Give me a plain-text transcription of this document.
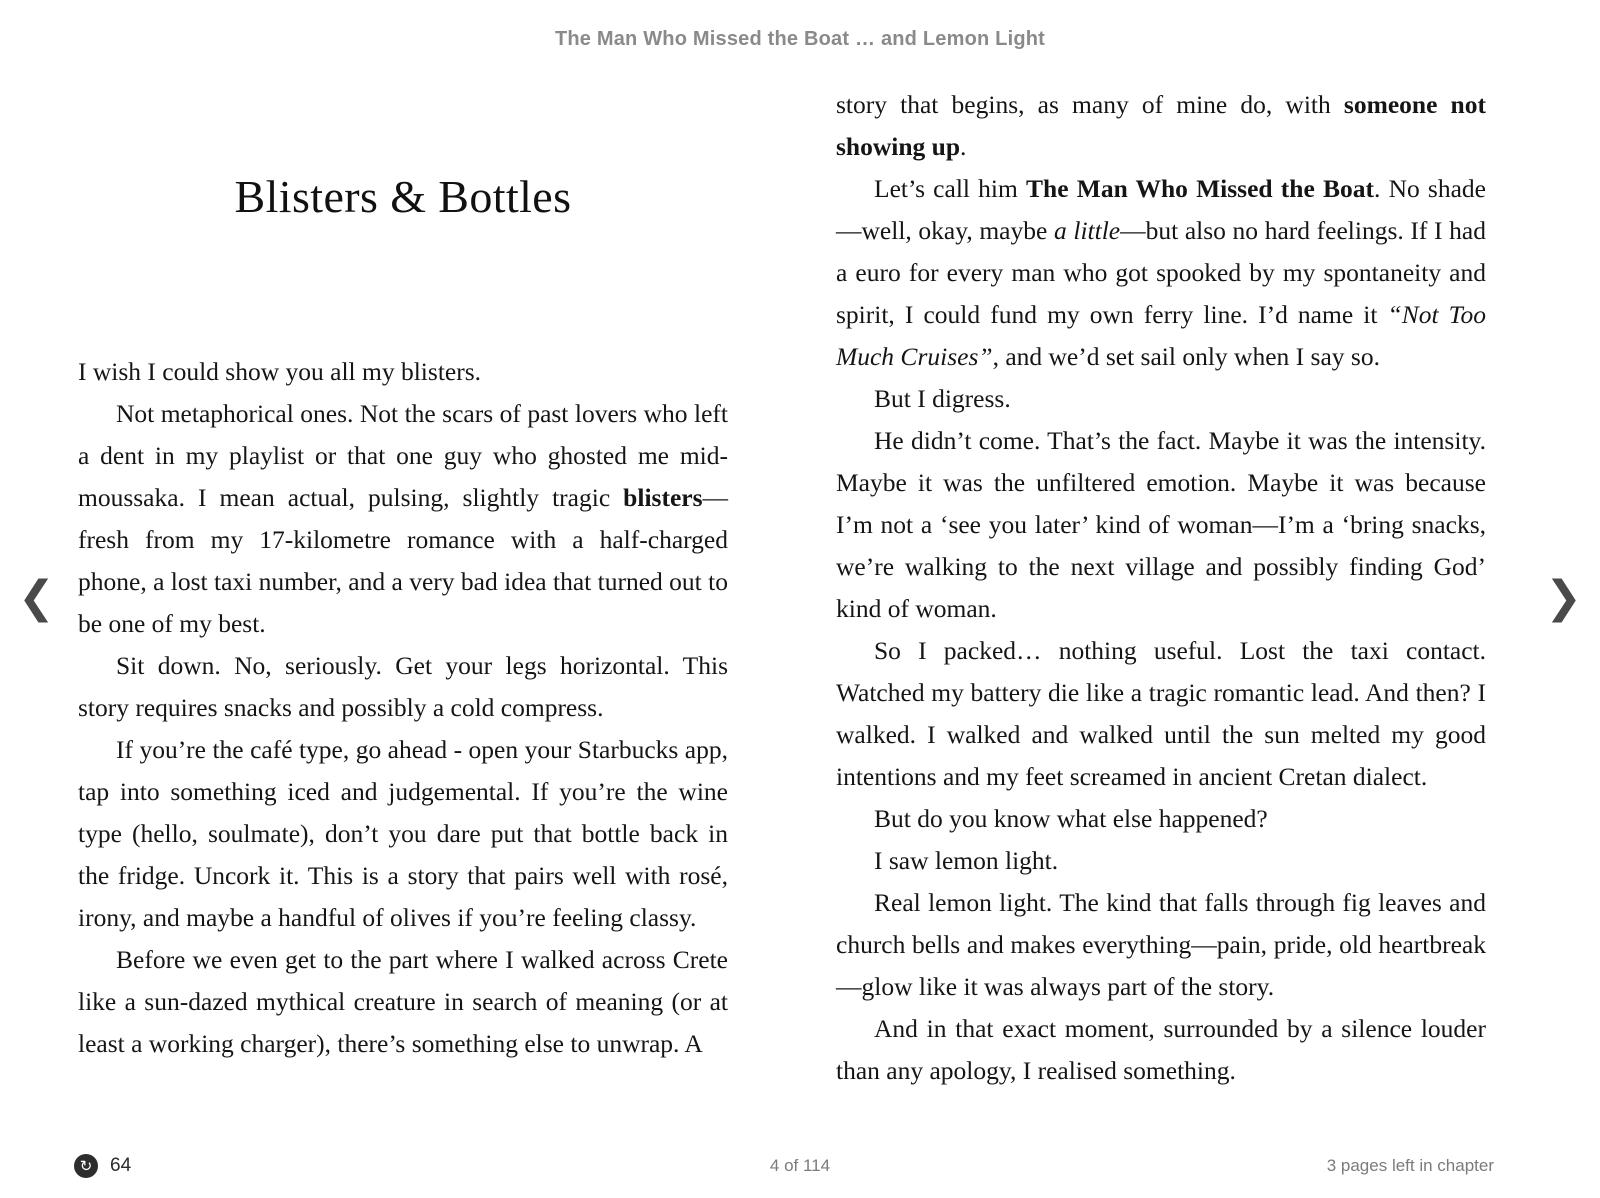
The Man Who Missed the Boat … and Lemon Light
Blisters & Bottles

I wish I could show you all my blisters.

Not metaphorical ones. Not the scars of past lovers who left a dent in my playlist or that one guy who ghosted me mid-moussaka. I mean actual, pulsing, slightly tragic blisters—fresh from my 17-kilometre romance with a half-charged phone, a lost taxi number, and a very bad idea that turned out to be one of my best.

Sit down. No, seriously. Get your legs horizontal. This story requires snacks and possibly a cold compress.

If you’re the café type, go ahead - open your Starbucks app, tap into something iced and judgemental. If you’re the wine type (hello, soulmate), don’t you dare put that bottle back in the fridge. Uncork it. This is a story that pairs well with rosé, irony, and maybe a handful of olives if you’re feeling classy.

Before we even get to the part where I walked across Crete like a sun-dazed mythical creature in search of meaning (or at least a working charger), there’s something else to unwrap. A

story that begins, as many of mine do, with someone not showing up.

Let’s call him The Man Who Missed the Boat. No shade—well, okay, maybe a little—but also no hard feelings. If I had a euro for every man who got spooked by my spontaneity and spirit, I could fund my own ferry line. I’d name it “Not Too Much Cruises”, and we’d set sail only when I say so.

But I digress.

He didn’t come. That’s the fact. Maybe it was the intensity. Maybe it was the unfiltered emotion. Maybe it was because I’m not a ‘see you later’ kind of woman—I’m a ‘bring snacks, we’re walking to the next village and possibly finding God’ kind of woman.

So I packed… nothing useful. Lost the taxi contact. Watched my battery die like a tragic romantic lead. And then? I walked. I walked and walked until the sun melted my good intentions and my feet screamed in ancient Cretan dialect.

But do you know what else happened?

I saw lemon light.

Real lemon light. The kind that falls through fig leaves and church bells and makes everything—pain, pride, old heartbreak—glow like it was always part of the story.

And in that exact moment, surrounded by a silence louder than any apology, I realised something.

❮	❯
↻ 64	4 of 114	3 pages left in chapter
